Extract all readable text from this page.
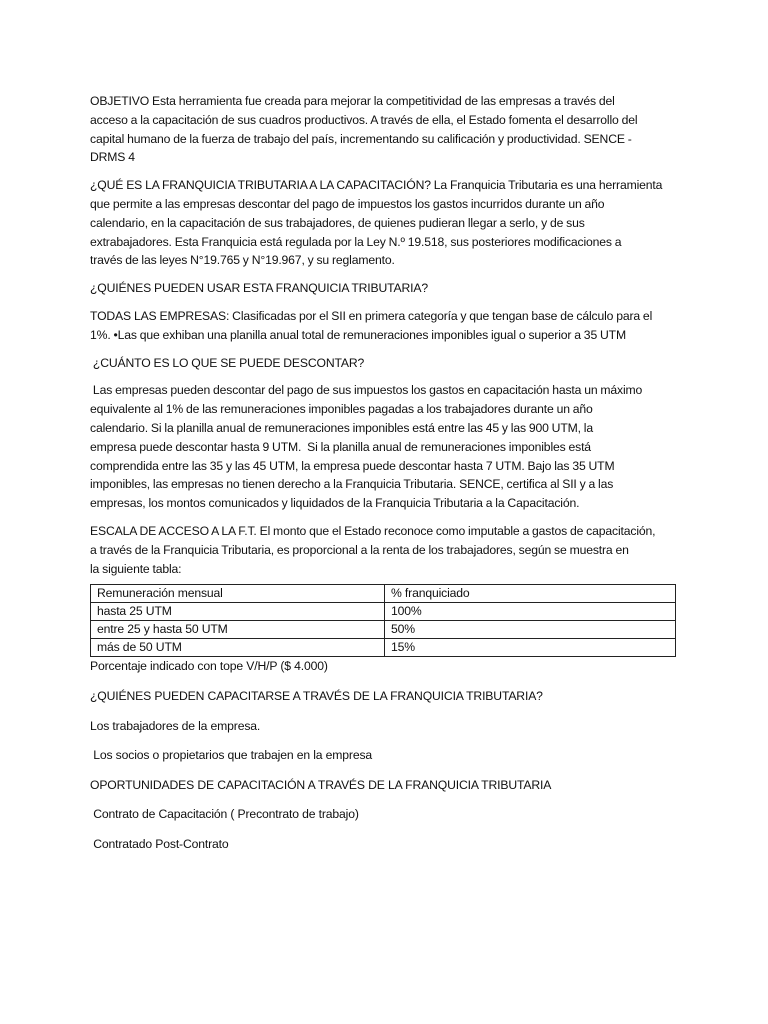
OBJETIVO Esta herramienta fue creada para mejorar la competitividad de las empresas a través del
acceso a la capacitación de sus cuadros productivos. A través de ella, el Estado fomenta el desarrollo del
capital humano de la fuerza de trabajo del país, incrementando su calificación y productividad. SENCE -
DRMS 4

¿QUÉ ES LA FRANQUICIA TRIBUTARIA A LA CAPACITACIÓN? La Franquicia Tributaria es una herramienta
que permite a las empresas descontar del pago de impuestos los gastos incurridos durante un año
calendario, en la capacitación de sus trabajadores, de quienes pudieran llegar a serlo, y de sus
extrabajadores. Esta Franquicia está regulada por la Ley N.º 19.518, sus posteriores modificaciones a
través de las leyes N°19.765 y N°19.967, y su reglamento.

¿QUIÉNES PUEDEN USAR ESTA FRANQUICIA TRIBUTARIA?

TODAS LAS EMPRESAS: Clasificadas por el SII en primera categoría y que tengan base de cálculo para el
1%. •Las que exhiban una planilla anual total de remuneraciones imponibles igual o superior a 35 UTM

¿CUÁNTO ES LO QUE SE PUEDE DESCONTAR?

Las empresas pueden descontar del pago de sus impuestos los gastos en capacitación hasta un máximo
equivalente al 1% de las remuneraciones imponibles pagadas a los trabajadores durante un año
calendario. Si la planilla anual de remuneraciones imponibles está entre las 45 y las 900 UTM, la
empresa puede descontar hasta 9 UTM.  Si la planilla anual de remuneraciones imponibles está
comprendida entre las 35 y las 45 UTM, la empresa puede descontar hasta 7 UTM. Bajo las 35 UTM
imponibles, las empresas no tienen derecho a la Franquicia Tributaria. SENCE, certifica al SII y a las
empresas, los montos comunicados y liquidados de la Franquicia Tributaria a la Capacitación.

ESCALA DE ACCESO A LA F.T. El monto que el Estado reconoce como imputable a gastos de capacitación,
a través de la Franquicia Tributaria, es proporcional a la renta de los trabajadores, según se muestra en
la siguiente tabla:

Remuneración mensual	% franquiciado
hasta 25 UTM	100%
entre 25 y hasta 50 UTM	50%
más de 50 UTM	15%

Porcentaje indicado con tope V/H/P ($ 4.000)

¿QUIÉNES PUEDEN CAPACITARSE A TRAVÉS DE LA FRANQUICIA TRIBUTARIA?

Los trabajadores de la empresa.

Los socios o propietarios que trabajen en la empresa

OPORTUNIDADES DE CAPACITACIÓN A TRAVÉS DE LA FRANQUICIA TRIBUTARIA

Contrato de Capacitación ( Precontrato de trabajo)

Contratado Post-Contrato
